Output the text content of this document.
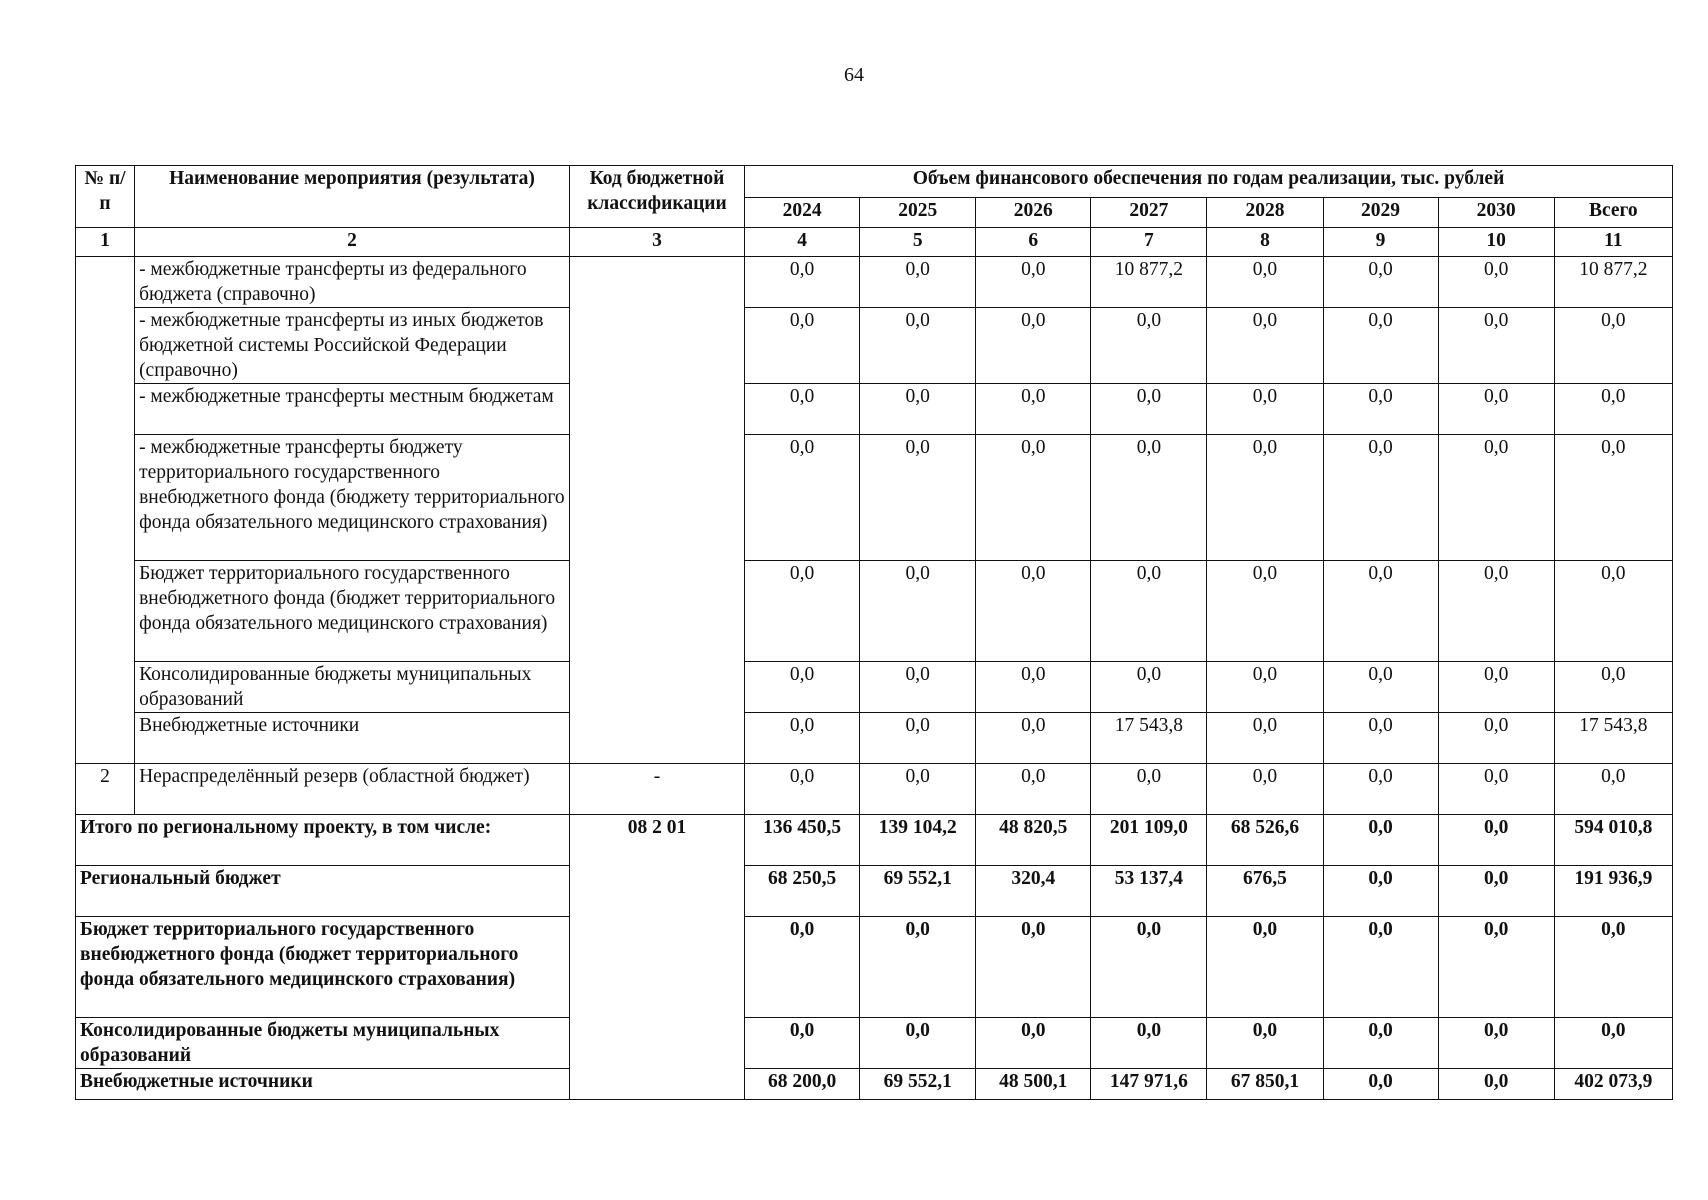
64
№ п/п	Наименование мероприятия (результата)	Код бюджетной классификации	Объем финансового обеспечения по годам реализации, тыс. рублей							
			2024	2025	2026	2027	2028	2029	2030	Всего
1	2	3	4	5	6	7	8	9	10	11
	- межбюджетные трансферты из федерального бюджета (справочно)		0,0	0,0	0,0	10 877,2	0,0	0,0	0,0	10 877,2
	- межбюджетные трансферты из иных бюджетов бюджетной системы Российской Федерации (справочно)		0,0	0,0	0,0	0,0	0,0	0,0	0,0	0,0
	- межбюджетные трансферты местным бюджетам		0,0	0,0	0,0	0,0	0,0	0,0	0,0	0,0
	- межбюджетные трансферты бюджету территориального государственного внебюджетного фонда (бюджету территориального фонда обязательного медицинского страхования)		0,0	0,0	0,0	0,0	0,0	0,0	0,0	0,0
	Бюджет территориального государственного внебюджетного фонда (бюджет территориального фонда обязательного медицинского страхования)		0,0	0,0	0,0	0,0	0,0	0,0	0,0	0,0
	Консолидированные бюджеты муниципальных образований		0,0	0,0	0,0	0,0	0,0	0,0	0,0	0,0
	Внебюджетные источники		0,0	0,0	0,0	17 543,8	0,0	0,0	0,0	17 543,8
2	Нераспределённый резерв (областной бюджет)	-	0,0	0,0	0,0	0,0	0,0	0,0	0,0	0,0
Итого по региональному проекту, в том числе:		08 2 01	136 450,5	139 104,2	48 820,5	201 109,0	68 526,6	0,0	0,0	594 010,8
Региональный бюджет			68 250,5	69 552,1	320,4	53 137,4	676,5	0,0	0,0	191 936,9
Бюджет территориального государственного внебюджетного фонда (бюджет территориального фонда обязательного медицинского страхования)			0,0	0,0	0,0	0,0	0,0	0,0	0,0	0,0
Консолидированные бюджеты муниципальных образований			0,0	0,0	0,0	0,0	0,0	0,0	0,0	0,0
Внебюджетные источники			68 200,0	69 552,1	48 500,1	147 971,6	67 850,1	0,0	0,0	402 073,9
